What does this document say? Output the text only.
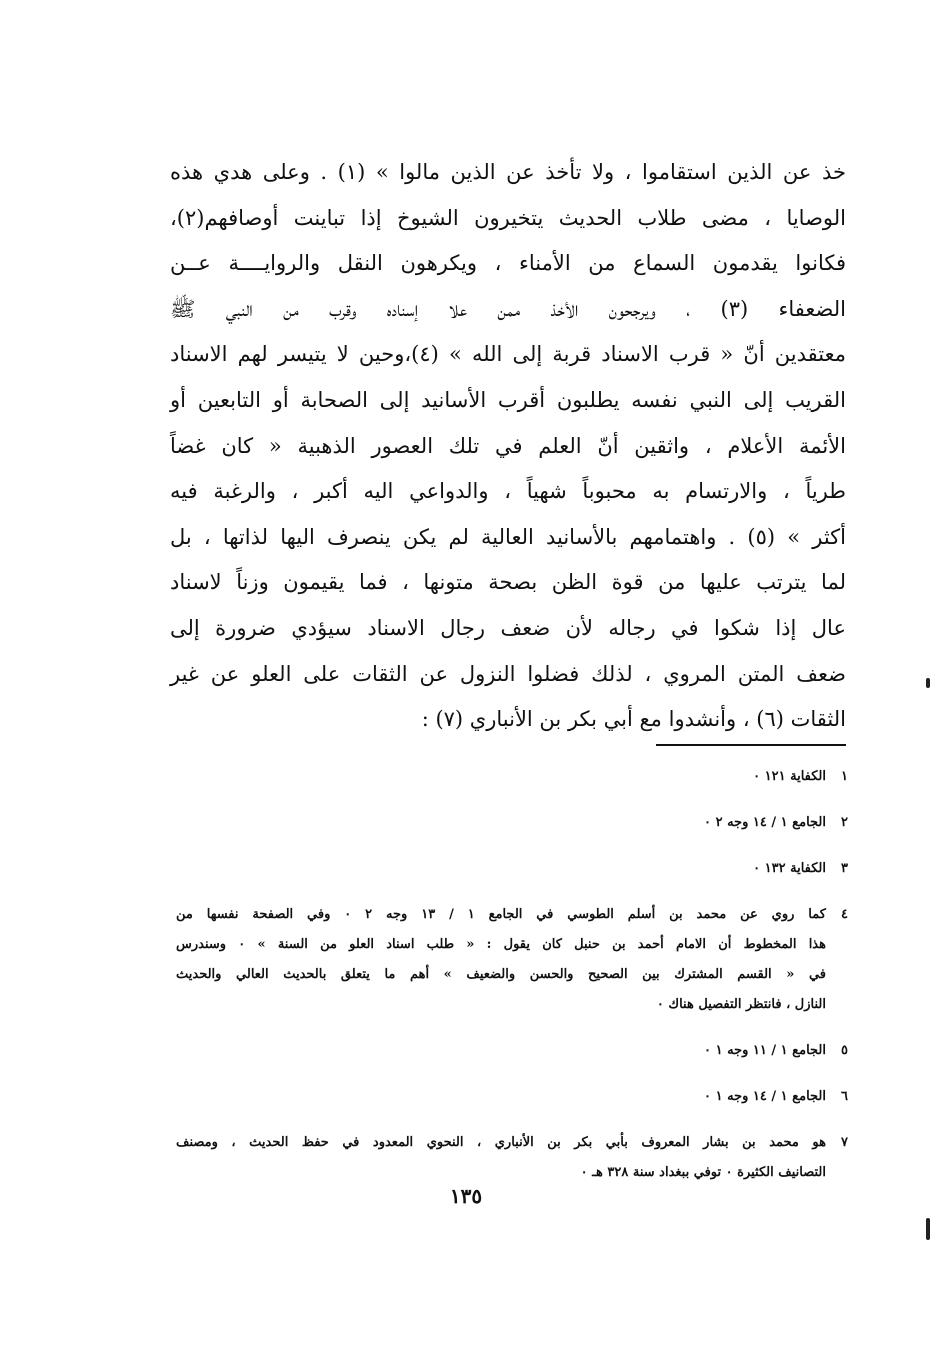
خذ عن الذين استقاموا ، ولا تأخذ عن الذين مالوا » (١) . وعلى هدي هذه
الوصايا ، مضى طلاب الحديث يتخيرون الشيوخ إذا تباينت أوصافهم(٢)،
فكانوا يقدمون السماع من الأمناء ، ويكرهون النقل والروايــــة عــن
الضعفاء (٣) ، ويرجحون الأخذ ممن علا إسناده وقرب من النبي ﷺ
معتقدين أنّ « قرب الاسناد قربة إلى الله » (٤)،وحين لا يتيسر لهم الاسناد
القريب إلى النبي نفسه يطلبون أقرب الأسانيد إلى الصحابة أو التابعين أو
الأئمة الأعلام ، واثقين أنّ العلم في تلك العصور الذهبية « كان غضاً
طرياً ، والارتسام به محبوباً شهياً ، والدواعي اليه أكبر ، والرغبة فيه
أكثر » (٥) . واهتمامهم بالأسانيد العالية لم يكن ينصرف اليها لذاتها ، بل
لما يترتب عليها من قوة الظن بصحة متونها ، فما يقيمون وزناً لاسناد
عال إذا شكوا في رجاله لأن ضعف رجال الاسناد سيؤدي ضرورة إلى
ضعف المتن المروي ، لذلك فضلوا النزول عن الثقات على العلو عن غير
الثقات (٦) ، وأنشدوا مع أبي بكر بن الأنباري (٧) :
١
الكفاية ١٢١ ٠
٢
الجامع ١ / ١٤ وجه ٢ ٠
٣
الكفاية ١٣٢ ٠
٤
كما روي عن محمد بن أسلم الطوسي في الجامع ١ / ١٣ وجه ٢ ٠ وفي الصفحة نفسها من
هذا المخطوط أن الامام أحمد بن حنبل كان يقول : « طلب اسناد العلو من السنة » ٠ وسندرس
في « القسم المشترك بين الصحيح والحسن والضعيف » أهم ما يتعلق بالحديث العالي والحديث
النازل ، فانتظر التفصيل هناك ٠
٥
الجامع ١ / ١١ وجه ١ ٠
٦
الجامع ١ / ١٤ وجه ١ ٠
٧
هو محمد بن بشار المعروف بأبي بكر بن الأنباري ، النحوي المعدود في حفظ الحديث ، ومصنف
التصانيف الكثيرة ٠ توفي ببغداد سنة ٣٢٨ هـ ٠
١٣٥
